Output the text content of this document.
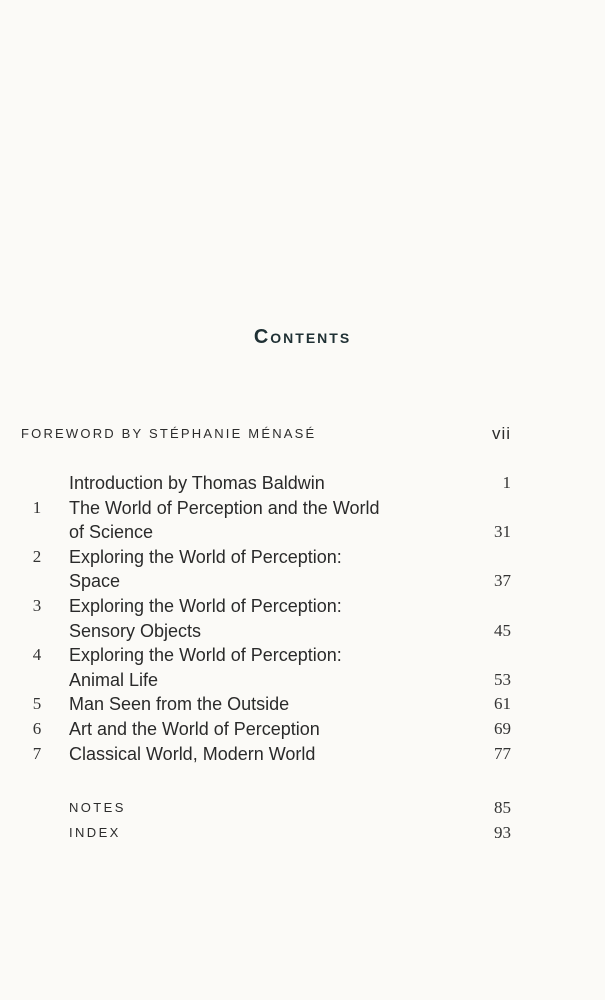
Contents
FOREWORD BY STÉPHANIE MÉNASÉ	vii
Introduction by Thomas Baldwin	1
1 The World of Perception and the World
of Science	31
2 Exploring the World of Perception:
Space	37
3 Exploring the World of Perception:
Sensory Objects	45
4 Exploring the World of Perception:
Animal Life	53
5 Man Seen from the Outside	61
6 Art and the World of Perception	69
7 Classical World, Modern World	77
NOTES	85
INDEX	93
